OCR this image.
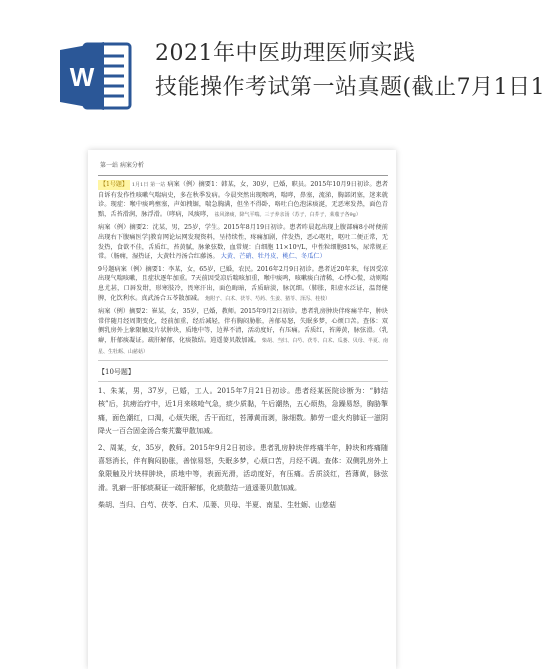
W
2021年中医助理医师实践
技能操作考试第一站真题(截止7月1日1
第一站 病案分析
【1号题】 1月1日 第一站 病案（例）摘要1：韩某，女，30岁，已婚，职员。2015年10月9日初诊。患者自诉有发作性咳嗽气喘病史，多在秋季发病。今晨突然出现喉鸣，喘哮，鼻塞，流涕，胸部闭塞，迷来就诊。现症：喉中痰鸣壅塞，声如拽锯，喘急胸满，但坐不得卧，咯吐白色泡沫痰涎，无恶寒发热，面色青黯，舌苔滑润，脉浮滑。（哮病，风痰哮， 祛风涤痰，降气平喘。三子养亲汤（苏子，白芥子，莱菔子各9g）
病案（例）摘要2：沈某，男，25岁，学生。2015年8月19日初诊。患者昨晨起出现上腹部痛8小时便前出现右下腹痛医学|教育网论坛网发现资料，呈持续性，疼痛加剧，伴发热，恶心呕吐，呕吐二便正常，无发热，食欲不佳，舌质红，苔黄腻，脉象弦数，血常规：白细胞 11×10⁹/L，中性粒细胞81%，尿常规正常。（肠痈，湿热证，大黄牡丹汤合红藤汤。 大黄、芒硝、牡丹皮、桃仁、冬瓜仁）
9号题病案（例）摘要1：李某，女，65岁，已婚，农民。2016年2月9日初诊。患者近20年来，每因受凉出现气喘咳嗽，且症状逐年加重。7天前因受凉后喘咳加重，喉中痰鸣，咳嗽痰白清稀，心悸心慌，动则喘息尤甚，口唇发绀，形寒肢冷，畏寒汗出，面色晦暗，舌质暗淡，脉沉细。（肺胀，阳虚水泛证，温肾健脾，化饮利水。真武汤合五苓散加减。 炮附子、白术、茯苓、芍药、生姜、猪苓、泽泻、桂枝）
病案（例）摘要2：崔某，女，35岁，已婚，教师。2015年9月2日初诊。患者乳房肿块伴疼痛半年，肿块常伴随月经周期变化，经前加重，经后减轻，伴有胸闷胁胀，善郁易怒，失眠多梦，心烦口苦。查体：双侧乳房外上象限触及片状肿块，质地中等，边界不清，活动度好，有压痛。舌质红，苔薄黄，脉弦滑。（乳癖，肝郁痰凝证。疏肝解郁，化痰散结。逍遥蒌贝散加减。 柴胡、当归、白芍、茯苓、白术、瓜蒌、贝母、半夏、南星、生牡蛎、山慈菇）
【10号题】
1、朱某，男，37岁，已婚，工人。2015年7月21日初诊。患者经某医院诊断为：“肺结核”后，抗痨治疗中，近1月来咳呛气急，痰少质黏，午后潮热，五心烦热，急躁易怒，胸胁掣痛，面色潮红，口渴，心烦失眠，舌干而红，苔薄黄而剥，脉细数。肺劳一虚火灼肺证一滋阴降火一百合固金汤合秦艽鳖甲散加减。
2、周某，女，35岁，教师。2015年9月2日初诊。患者乳房肿块伴疼痛半年，肿块和疼痛随喜怒消长，伴有胸闷胁胀，善惊易怒，失眠多梦，心烦口苦，月经不调。查体：双侧乳房外上象限触及片块样肿块，质地中等，表面光滑，活动度好，有压痛。舌质淡红，苔薄黄，脉弦滑。乳癖一肝郁痰凝证一疏肝解郁，化痰散结一逍遥蒌贝散加减。
柴胡、当归、白芍、茯苓、白术、瓜蒌、贝母、半夏、南星、生牡蛎、山慈菇
